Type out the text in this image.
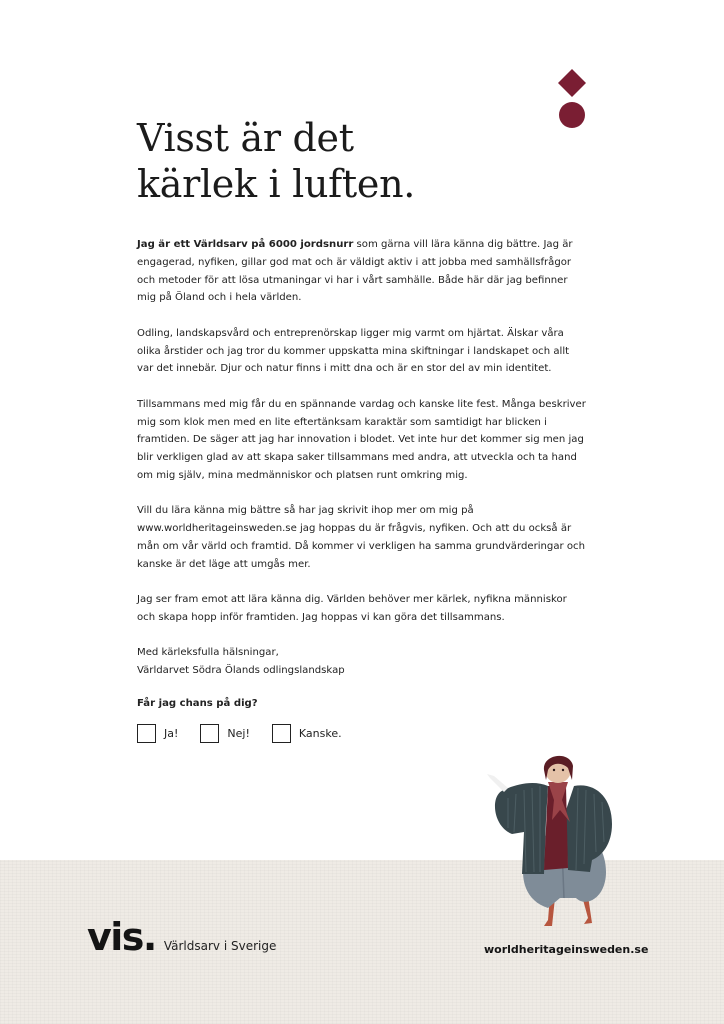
Visst är det
kärlek i luften.

Jag är ett Världsarv på 6000 jordsnurr som gärna vill lära känna dig bättre. Jag är engagerad, nyfiken, gillar god mat och är väldigt aktiv i att jobba med samhällsfrågor och metoder för att lösa utmaningar vi har i vårt samhälle. Både här där jag befinner mig på Öland och i hela världen.

Odling, landskapsvård och entreprenörskap ligger mig varmt om hjärtat. Älskar våra olika årstider och jag tror du kommer uppskatta mina skiftningar i landskapet och allt var det innebär. Djur och natur finns i mitt dna och är en stor del av min identitet.

Tillsammans med mig får du en spännande vardag och kanske lite fest. Många beskriver mig som klok men med en lite eftertänksam karaktär som samtidigt har blicken i framtiden. De säger att jag har innovation i blodet. Vet inte hur det kommer sig men jag blir verkligen glad av att skapa saker tillsammans med andra, att utveckla och ta hand om mig själv, mina medmänniskor och platsen runt omkring mig.

Vill du lära känna mig bättre så har jag skrivit ihop mer om mig på www.worldheritageinsweden.se jag hoppas du är frågvis, nyfiken. Och att du också är mån om vår värld och framtid. Då kommer vi verkligen ha samma grundvärderingar och kanske är det läge att umgås mer.

Jag ser fram emot att lära känna dig. Världen behöver mer kärlek, nyfikna människor och skapa hopp inför framtiden. Jag hoppas vi kan göra det tillsammans.

Med kärleksfulla hälsningar,
Världarvet Södra Ölands odlingslandskap

Får jag chans på dig?

Ja!	Nej!	Kanske.
vis. Världsarv i Sverige	worldheritageinsweden.se
